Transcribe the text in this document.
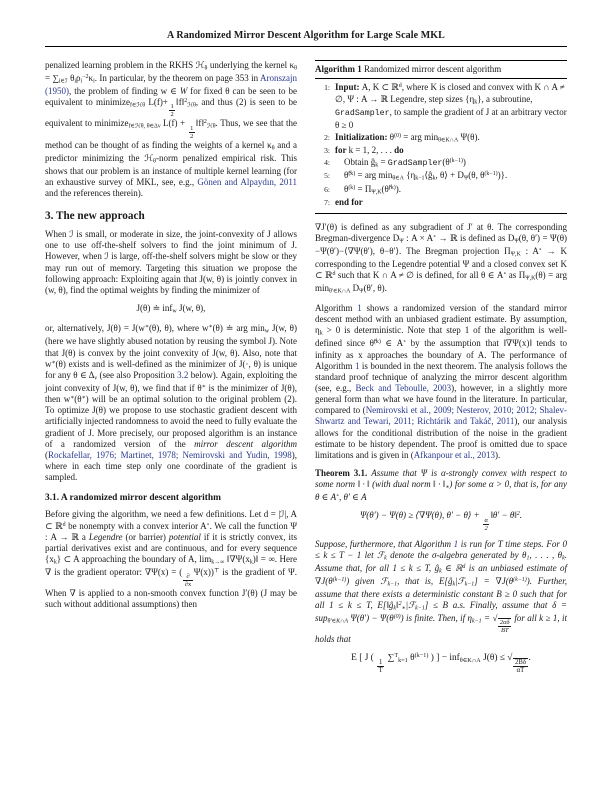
A Randomized Mirror Descent Algorithm for Large Scale MKL

penalized learning problem in the RKHS ℋθ underlying the kernel κθ = ∑i∈ℐ θiρi$^{-2}$κi. In particular, by the theorem on page 353 in Aronszajn (1950), the problem of finding w ∈ W for fixed θ can be seen to be equivalent to minimizef∈ℋθ L(f)+
$\frac{1}{2}$
‖f‖$^2$ℋθ, and thus (2) is seen to be equivalent to minimizef∈ℋθ, θ∈Δν L(f) +
$\frac{1}{2}$
‖f‖$^2$ℋθ. Thus, we see that the method can be thought of as finding the weights of a kernel κθ and a predictor minimizing the ℋθ-norm penalized empirical risk. This shows that our problem is an instance of multiple kernel learning (for an exhaustive survey of MKL, see, e.g., Gönen and Alpaydın, 2011 and the references therein).

3. The new approach

When ℐ is small, or moderate in size, the joint-convexity of J allows one to use off-the-shelf solvers to find the joint minimum of J. However, when ℐ is large, off-the-shelf solvers might be slow or they may run out of memory. Targeting this situation we propose the following approach: Exploiting again that J(w, θ) is jointly convex in (w, θ), find the optimal weights by finding the minimizer of

J(θ) ≐ infw J(w, θ),

or, alternatively, J(θ) = J(w∗(θ), θ), where w∗(θ) ≐ arg minw J(w, θ) (here we have slightly abused notation by reusing the symbol J). Note that J(θ) is convex by the joint convexity of J(w, θ). Also, note that w∗(θ) exists and is well-defined as the minimizer of J(·, θ) is unique for any θ ∈ Δν (see also Proposition 3.2 below). Again, exploiting the joint convexity of J(w, θ), we find that if θ∗ is the minimizer of J(θ), then w∗(θ∗) will be an optimal solution to the original problem (2). To optimize J(θ) we propose to use stochastic gradient descent with artificially injected randomness to avoid the need to fully evaluate the gradient of J. More precisely, our proposed algorithm is an instance of a randomized version of the mirror descent algorithm (Rockafellar, 1976; Martinet, 1978; Nemirovski and Yudin, 1998), where in each time step only one coordinate of the gradient is sampled.

3.1. A randomized mirror descent algorithm

Before giving the algorithm, we need a few definitions. Let d = |ℐ|, A ⊂ ℝ$^d$ be nonempty with a convex interior A∘. We call the function Ψ : A → ℝ a Legendre (or barrier) potential if it is strictly convex, its partial derivatives exist and are continuous, and for every sequence {xk} ⊂ A approaching the boundary of A, limk→∞ ‖∇Ψ(xk)‖ = ∞. Here ∇ is the gradient operator: ∇Ψ(x) = (
$\frac{\partial}{\partial x}$
Ψ(x))⊤ is the gradient of Ψ. When ∇ is applied to a non-smooth convex function J′(θ) (J may be such without additional assumptions) then

Algorithm 1 Randomized mirror descent algorithm
1: Input: A, K ⊂ ℝ$^d$, where K is closed and convex with K ∩ A ≠ ∅, Ψ : A → ℝ Legendre, step sizes {ηk}, a subroutine, GradSampler, to sample the gradient of J at an arbitrary vector θ ≥ 0
2: Initialization: $\theta^{(0)}$ = arg minθ∈K∩A Ψ(θ).
3: for k = 1, 2, . . . do
4:	Obtain ĝk = $GradSampler(\theta^{(k-1)})$
5:	θ̃$^{(k)}$ = arg minθ∈A {ηk−1⟨ĝk, θ⟩ + DΨ(θ, $\theta^{(k-1)}$)}.
6:	$\theta^{(k)}$ = ΠΨ,K(θ̃$^{(k)}$).
7: end for

∇J′(θ) is defined as any subgradient of J′ at θ. The corresponding Bregman-divergence DΨ : A × A∘ → ℝ is defined as DΨ(θ, θ′) = Ψ(θ)−Ψ(θ′)−⟨∇Ψ(θ′), θ−θ′⟩. The Bregman projection ΠΨ,K : A∘ → K corresponding to the Legendre potential Ψ and a closed convex set K ⊂ ℝ$^d$ such that K ∩ A ≠ ∅ is defined, for all θ ∈ A∘ as ΠΨ,K(θ) = arg minθ′∈K∩A DΨ(θ′, θ).

Algorithm 1 shows a randomized version of the standard mirror descent method with an unbiased gradient estimate. By assumption, ηk > 0 is deterministic. Note that step 1 of the algorithm is well-defined since θ̃$^{(k)}$ ∈ A∘ by the assumption that ‖∇Ψ(x)‖ tends to infinity as x approaches the boundary of A. The performance of Algorithm 1 is bounded in the next theorem. The analysis follows the standard proof technique of analyzing the mirror descent algorithm (see, e.g., Beck and Teboulle, 2003), however, in a slightly more general form than what we have found in the literature. In particular, compared to (Nemirovski et al., 2009; Nesterov, 2010; 2012; Shalev-Shwartz and Tewari, 2011; Richtárik and Takáč, 2011), our analysis allows for the conditional distribution of the noise in the gradient estimate to be history dependent. The proof is omitted due to space limitations and is given in (Afkanpour et al., 2013).

Theorem 3.1. Assume that Ψ is α-strongly convex with respect to some norm ‖ · ‖ (with dual norm ‖ · ‖∗) for some α > 0, that is, for any θ ∈ A∘, θ′ ∈ A

Ψ(θ′) − Ψ(θ) ≥ ⟨∇Ψ(θ), θ′ − θ⟩ +
$\frac{\alpha}{2}$
‖θ′ − θ‖$^2$.

Suppose, furthermore, that Algorithm 1 is run for T time steps. For 0 ≤ k ≤ T − 1 let ℱk denote the σ-algebra generated by θ1, . . . , θk. Assume that, for all 1 ≤ k ≤ T, ĝk ∈ ℝ$^d$ is an unbiased estimate of $\nabla J(\theta^{(k-1)})$ given ℱk−1, that is, E[ĝk|ℱk−1] = $\nabla J(\theta^{(k-1)})$. Further, assume that there exists a deterministic constant B ≥ 0 such that for all 1 ≤ k ≤ T, E[‖ĝk‖$^2$∗|ℱk−1] ≤ B a.s. Finally, assume that δ = supθ′∈K∩A $\Psi(\theta') - \Psi(\theta^{(0)})$ is finite. Then, if ηk−1 = √
$\frac{2\alpha\delta}{BT}$
for all k ≥ 1, it holds that

E [ J (
$\frac{1}{T}$
∑$^T$k=1 $\theta^{(k-1)}$ ) ] − infθ∈K∩A J(θ) ≤ √ $\frac{2B\delta}{\alpha T}$ .
